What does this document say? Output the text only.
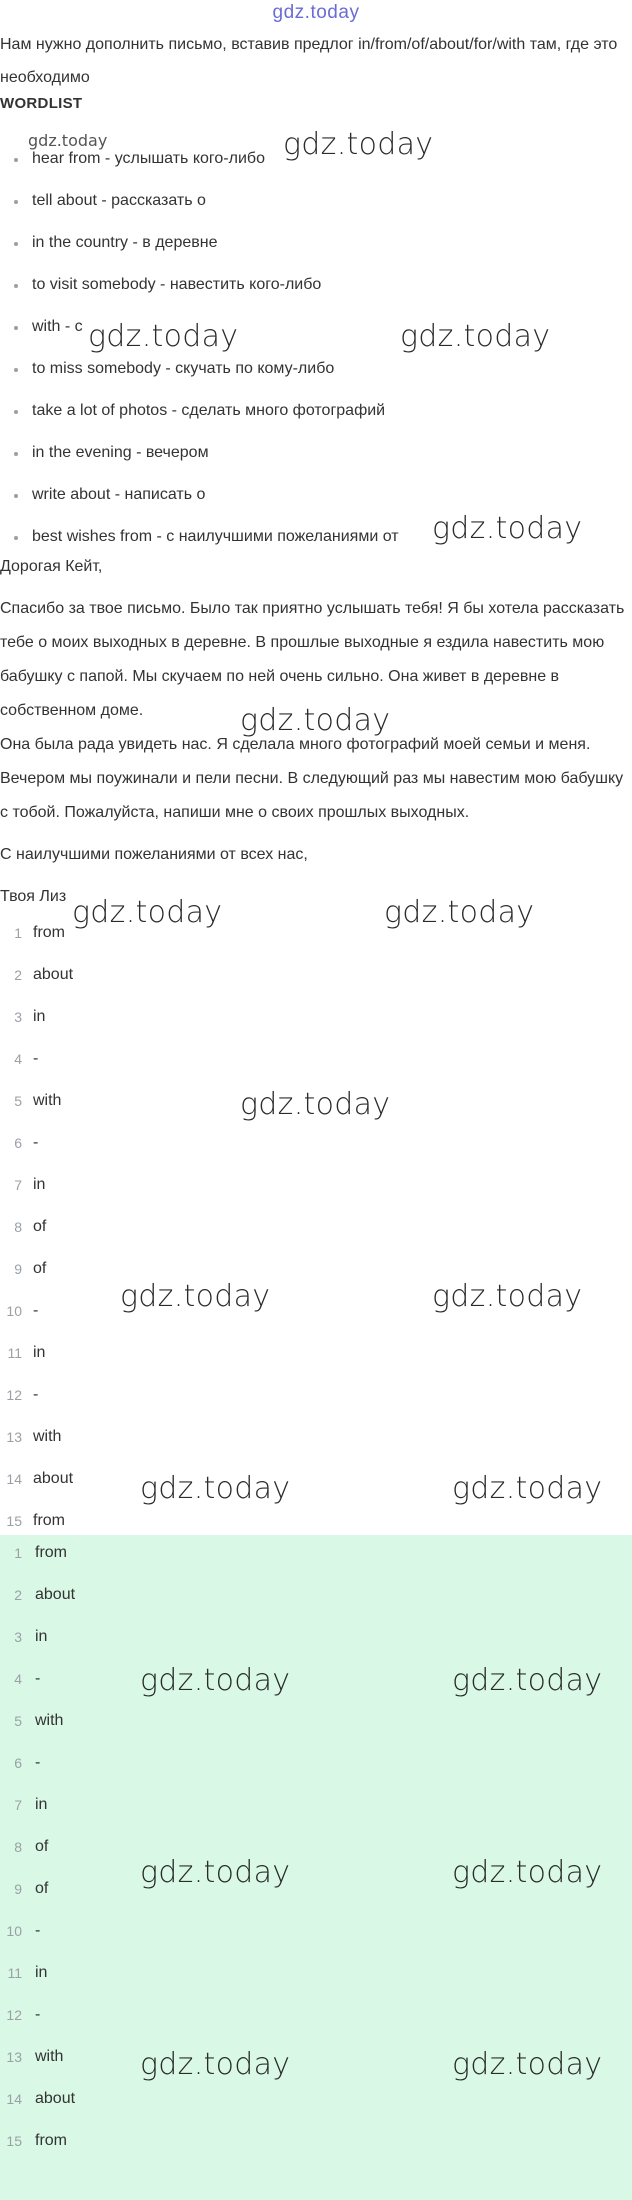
gdz.today
Нам нужно дополнить письмо, вставив предлог in/from/of/about/for/with там, где это необходимо
WORDLIST
hear from - услышать кого-либо
tell about - рассказать о
in the country - в деревне
to visit somebody - навестить кого-либо
with - с
to miss somebody - скучать по кому-либо
take a lot of photos - сделать много фотографий
in the evening - вечером
write about - написать о
best wishes from - с наилучшими пожеланиями от

Дорогая Кейт,

Спасибо за твое письмо. Было так приятно услышать тебя! Я бы хотела рассказать тебе о моих выходных в деревне. В прошлые выходные я ездила навестить мою бабушку с папой. Мы скучаем по ней очень сильно. Она живет в деревне в собственном доме.

Она была рада увидеть нас. Я сделала много фотографий моей семьи и меня. Вечером мы поужинали и пели песни. В следующий раз мы навестим мою бабушку с тобой. Пожалуйста, напиши мне о своих прошлых выходных.

С наилучшими пожеланиями от всех нас,

Твоя Лиз

1 from
2 about
3 in
4 -
5 with
6 -
7 in
8 of
9 of
10 -
11 in
12 -
13 with
14 about
15 from
1 from
2 about
3 in
4 -
5 with
6 -
7 in
8 of
9 of
10 -
11 in
12 -
13 with
14 about
15 from
gdz.today	gdz.today
gdz.today	gdz.today
gdz.today
gdz.today
gdz.today	gdz.today
gdz.today
gdz.today	gdz.today
gdz.today	gdz.today
gdz.today	gdz.today
gdz.today	gdz.today
gdz.today	gdz.today
